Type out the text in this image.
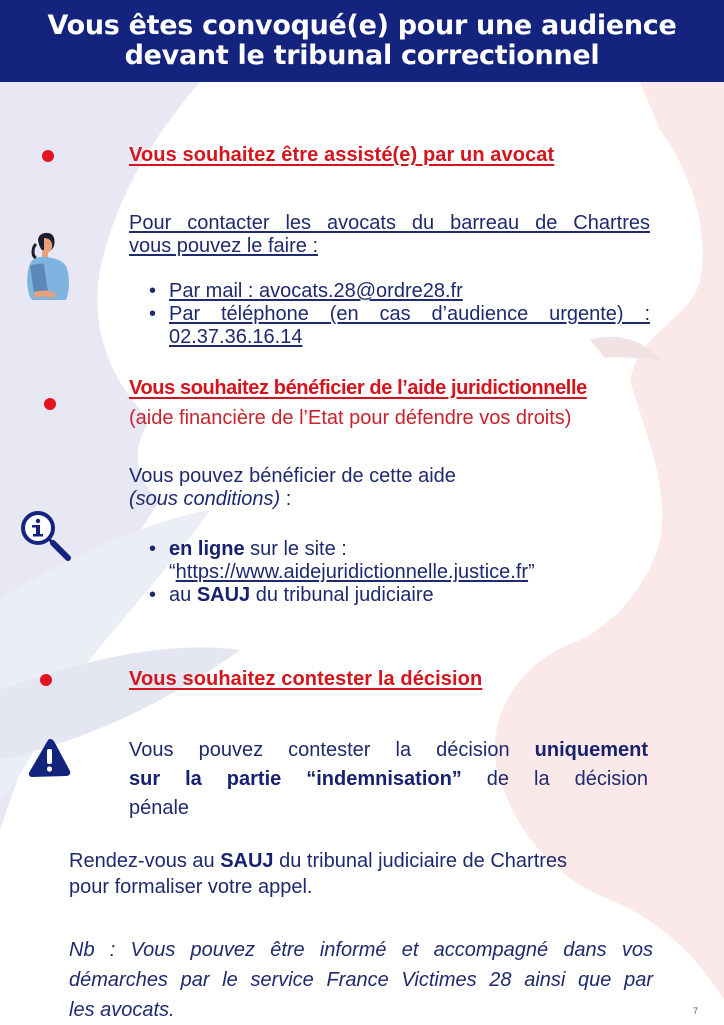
Vous êtes convoqué(e) pour une audience
devant le tribunal correctionnel
Vous souhaitez être assisté(e) par un avocat
Pour contacter les avocats du barreau de Chartres
vous pouvez le faire :
• Par mail : avocats.28@ordre28.fr
• Par téléphone (en cas d’audience urgente) :
02.37.36.16.14
Vous souhaitez bénéficier de l’aide juridictionnelle
(aide financière de l’Etat pour défendre vos droits)
Vous pouvez bénéficier de cette aide
(sous conditions) :
• en ligne sur le site :
“https://www.aidejuridictionnelle.justice.fr”
• au SAUJ du tribunal judiciaire
Vous souhaitez contester la décision
Vous pouvez contester la décision uniquement
sur la partie “indemnisation” de la décision
pénale
Rendez-vous au SAUJ du tribunal judiciaire de Chartres
pour formaliser votre appel.
Nb : Vous pouvez être informé et accompagné dans vos
démarches par le service France Victimes 28 ainsi que par
les avocats.	7
